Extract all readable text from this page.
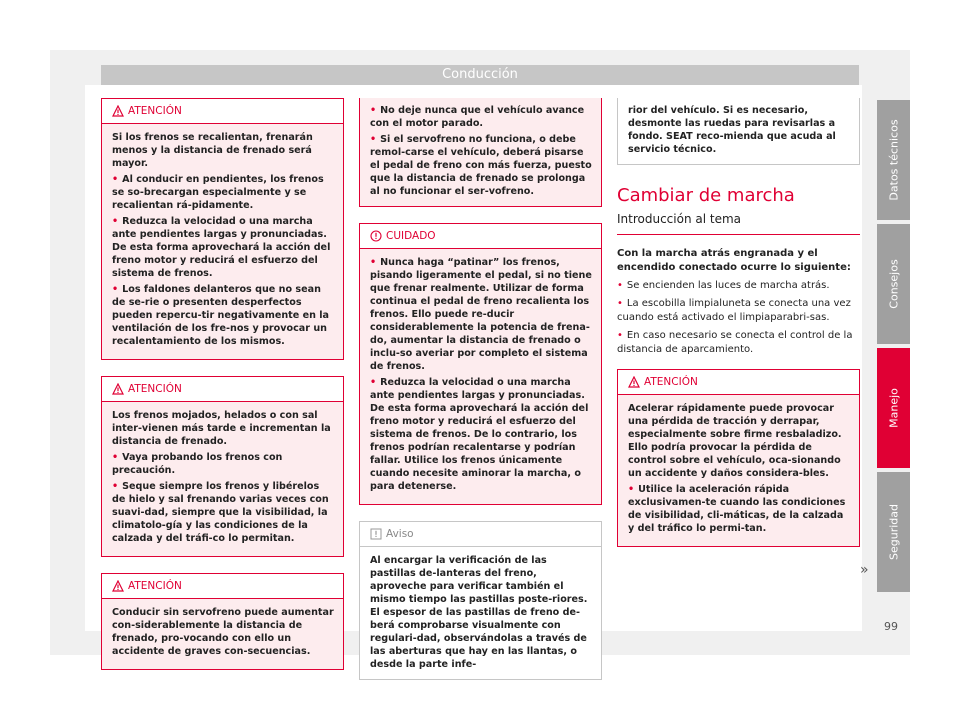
Conducción
ATENCIÓN

Si los frenos se recalientan, frenarán menos y la distancia de frenado será mayor.

• Al conducir en pendientes, los frenos se so-brecargan especialmente y se recalientan rá-pidamente.

• Reduzca la velocidad o una marcha ante pendientes largas y pronunciadas. De esta forma aprovechará la acción del freno motor y reducirá el esfuerzo del sistema de frenos.

• Los faldones delanteros que no sean de se-rie o presenten desperfectos pueden repercu-tir negativamente en la ventilación de los fre-nos y provocar un recalentamiento de los mismos.

ATENCIÓN

Los frenos mojados, helados o con sal inter-vienen más tarde e incrementan la distancia de frenado.

• Vaya probando los frenos con precaución.

• Seque siempre los frenos y libérelos de hielo y sal frenando varias veces con suavi-dad, siempre que la visibilidad, la climatolo-gía y las condiciones de la calzada y del tráfi-co lo permitan.

ATENCIÓN

Conducir sin servofreno puede aumentar con-siderablemente la distancia de frenado, pro-vocando con ello un accidente de graves con-secuencias.

• No deje nunca que el vehículo avance con el motor parado.

• Si el servofreno no funciona, o debe remol-carse el vehículo, deberá pisarse el pedal de freno con más fuerza, puesto que la distancia de frenado se prolonga al no funcionar el ser-vofreno.

CUIDADO

• Nunca haga “patinar” los frenos, pisando ligeramente el pedal, si no tiene que frenar realmente. Utilizar de forma continua el pedal de freno recalienta los frenos. Ello puede re-ducir considerablemente la potencia de frena-do, aumentar la distancia de frenado o inclu-so averiar por completo el sistema de frenos.

• Reduzca la velocidad o una marcha ante pendientes largas y pronunciadas. De esta forma aprovechará la acción del freno motor y reducirá el esfuerzo del sistema de frenos. De lo contrario, los frenos podrían recalentarse y podrían fallar. Utilice los frenos únicamente cuando necesite aminorar la marcha, o para detenerse.

Aviso

Al encargar la verificación de las pastillas de-lanteras del freno, aproveche para verificar también el mismo tiempo las pastillas poste-riores. El espesor de las pastillas de freno de-berá comprobarse visualmente con regulari-dad, observándolas a través de las aberturas que hay en las llantas, o desde la parte infe-

rior del vehículo. Si es necesario, desmonte las ruedas para revisarlas a fondo. SEAT reco-mienda que acuda al servicio técnico.

Cambiar de marcha
Introducción al tema

Con la marcha atrás engranada y el encendido conectado ocurre lo siguiente:

• Se encienden las luces de marcha atrás.

• La escobilla limpialuneta se conecta una vez cuando está activado el limpiaparabri-sas.

• En caso necesario se conecta el control de la distancia de aparcamiento.

ATENCIÓN

Acelerar rápidamente puede provocar una pérdida de tracción y derrapar, especialmente sobre firme resbaladizo. Ello podría provocar la pérdida de control sobre el vehículo, oca-sionando un accidente y daños considera-bles.

• Utilice la aceleración rápida exclusivamen-te cuando las condiciones de visibilidad, cli-máticas, de la calzada y del tráfico lo permi-tan.

»
Datos técnicos
Consejos
Manejo
Seguridad
99
